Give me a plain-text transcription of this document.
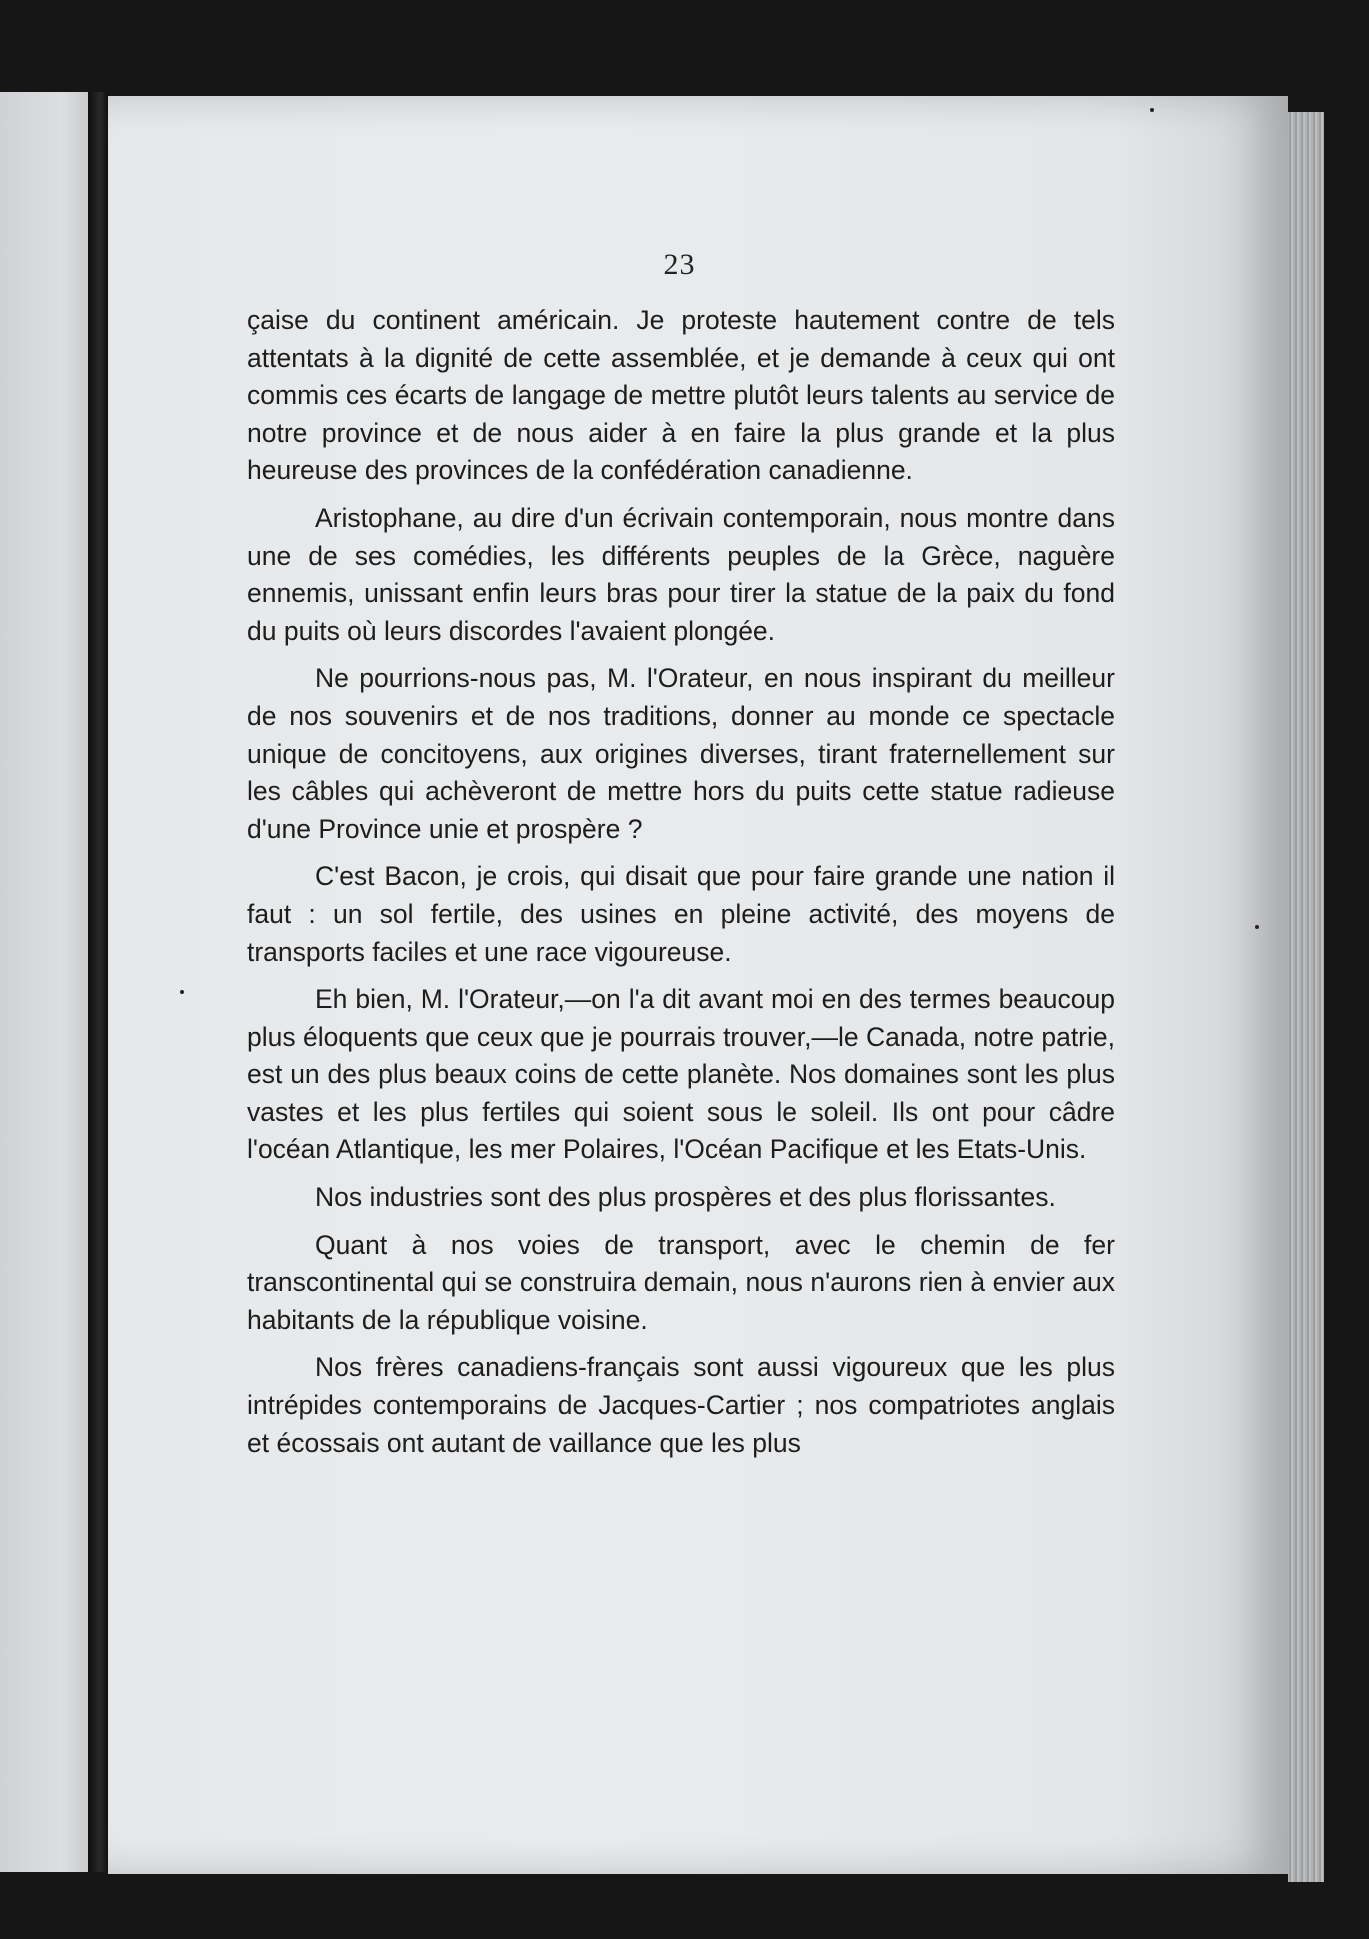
23

çaise du continent américain. Je proteste hautement contre de tels attentats à la dignité de cette assemblée, et je demande à ceux qui ont commis ces écarts de langage de mettre plutôt leurs talents au service de notre province et de nous aider à en faire la plus grande et la plus heureuse des provinces de la confédération canadienne.

Aristophane, au dire d'un écrivain contemporain, nous montre dans une de ses comédies, les différents peuples de la Grèce, naguère ennemis, unissant enfin leurs bras pour tirer la statue de la paix du fond du puits où leurs discordes l'avaient plongée.

Ne pourrions-nous pas, M. l'Orateur, en nous inspirant du meilleur de nos souvenirs et de nos traditions, donner au monde ce spectacle unique de concitoyens, aux origines diverses, tirant fraternellement sur les câbles qui achèveront de mettre hors du puits cette statue radieuse d'une Province unie et prospère ?

C'est Bacon, je crois, qui disait que pour faire grande une nation il faut : un sol fertile, des usines en pleine activité, des moyens de transports faciles et une race vigoureuse.

Eh bien, M. l'Orateur,—on l'a dit avant moi en des termes beaucoup plus éloquents que ceux que je pourrais trouver,—le Canada, notre patrie, est un des plus beaux coins de cette planète. Nos domaines sont les plus vastes et les plus fertiles qui soient sous le soleil. Ils ont pour câdre l'océan Atlantique, les mer Polaires, l'Océan Pacifique et les Etats-Unis.

Nos industries sont des plus prospères et des plus florissantes.

Quant à nos voies de transport, avec le chemin de fer transcontinental qui se construira demain, nous n'aurons rien à envier aux habitants de la république voisine.

Nos frères canadiens-français sont aussi vigoureux que les plus intrépides contemporains de Jacques-Cartier ; nos compatriotes anglais et écossais ont autant de vaillance que les plus
